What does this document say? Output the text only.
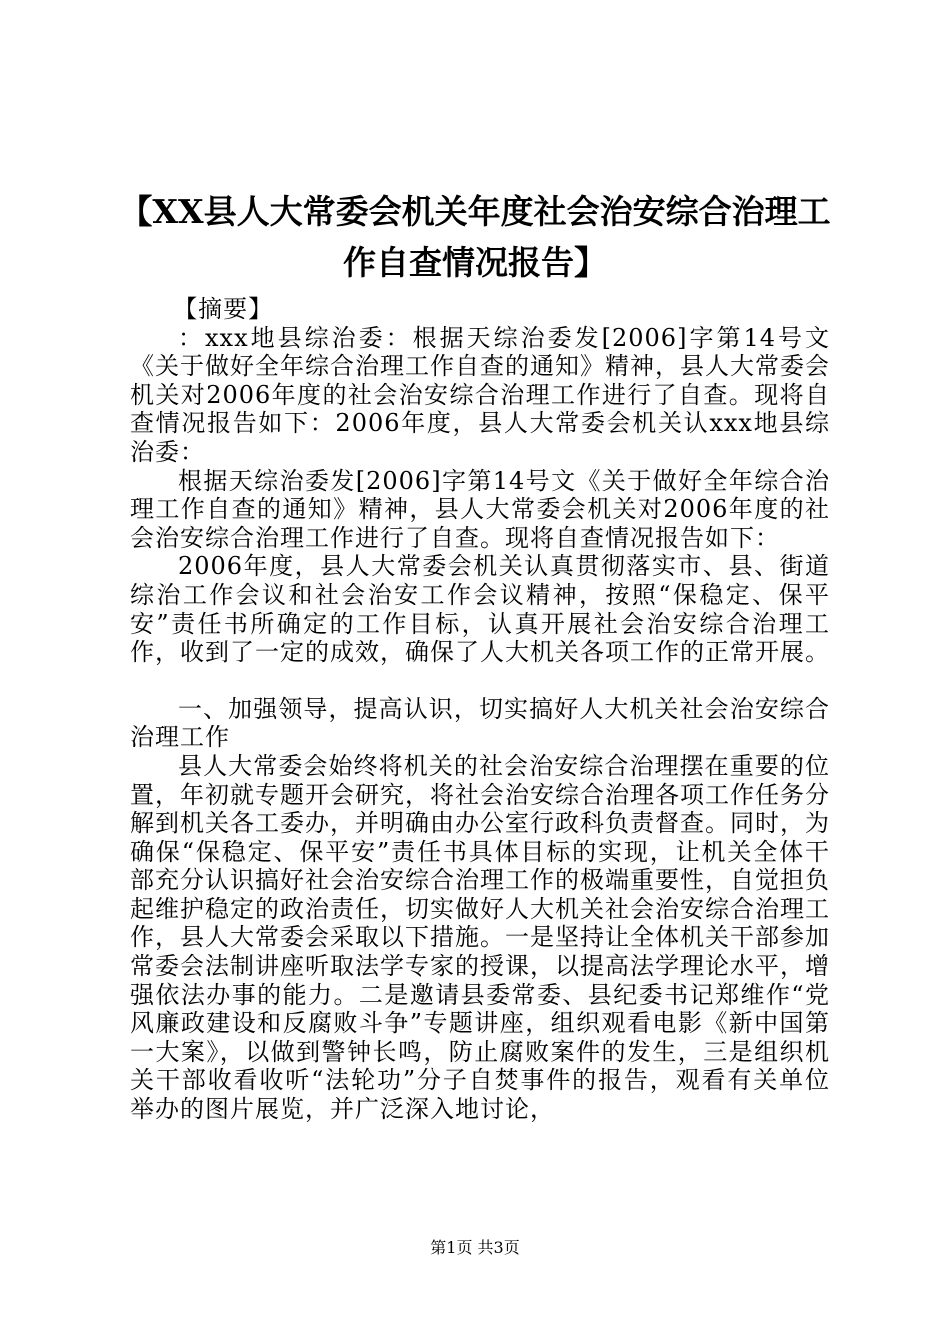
【XX县人大常委会机关年度社会治安综合治理工作自查情况报告】

【摘要】

：xxx地县综治委：根据天综治委发[2006]字第14号文《关于做好全年综合治理工作自查的通知》精神，县人大常委会机关对2006年度的社会治安综合治理工作进行了自查。现将自查情况报告如下：2006年度，县人大常委会机关认xxx地县综治委：

根据天综治委发[2006]字第14号文《关于做好全年综合治理工作自查的通知》精神，县人大常委会机关对2006年度的社会治安综合治理工作进行了自查。现将自查情况报告如下：

2006年度，县人大常委会机关认真贯彻落实市、县、街道综治工作会议和社会治安工作会议精神，按照“保稳定、保平安”责任书所确定的工作目标，认真开展社会治安综合治理工作，收到了一定的成效，确保了人大机关各项工作的正常开展。

一、加强领导，提高认识，切实搞好人大机关社会治安综合治理工作

县人大常委会始终将机关的社会治安综合治理摆在重要的位置，年初就专题开会研究，将社会治安综合治理各项工作任务分解到机关各工委办，并明确由办公室行政科负责督查。同时，为确保“保稳定、保平安”责任书具体目标的实现，让机关全体干部充分认识搞好社会治安综合治理工作的极端重要性，自觉担负起维护稳定的政治责任，切实做好人大机关社会治安综合治理工作，县人大常委会采取以下措施。一是坚持让全体机关干部参加常委会法制讲座听取法学专家的授课，以提高法学理论水平，增强依法办事的能力。二是邀请县委常委、县纪委书记郑维作“党风廉政建设和反腐败斗争”专题讲座，组织观看电影《新中国第一大案》，以做到警钟长鸣，防止腐败案件的发生，三是组织机关干部收看收听“法轮功”分子自焚事件的报告，观看有关单位举办的图片展览，并广泛深入地讨论，

第1页 共3页
